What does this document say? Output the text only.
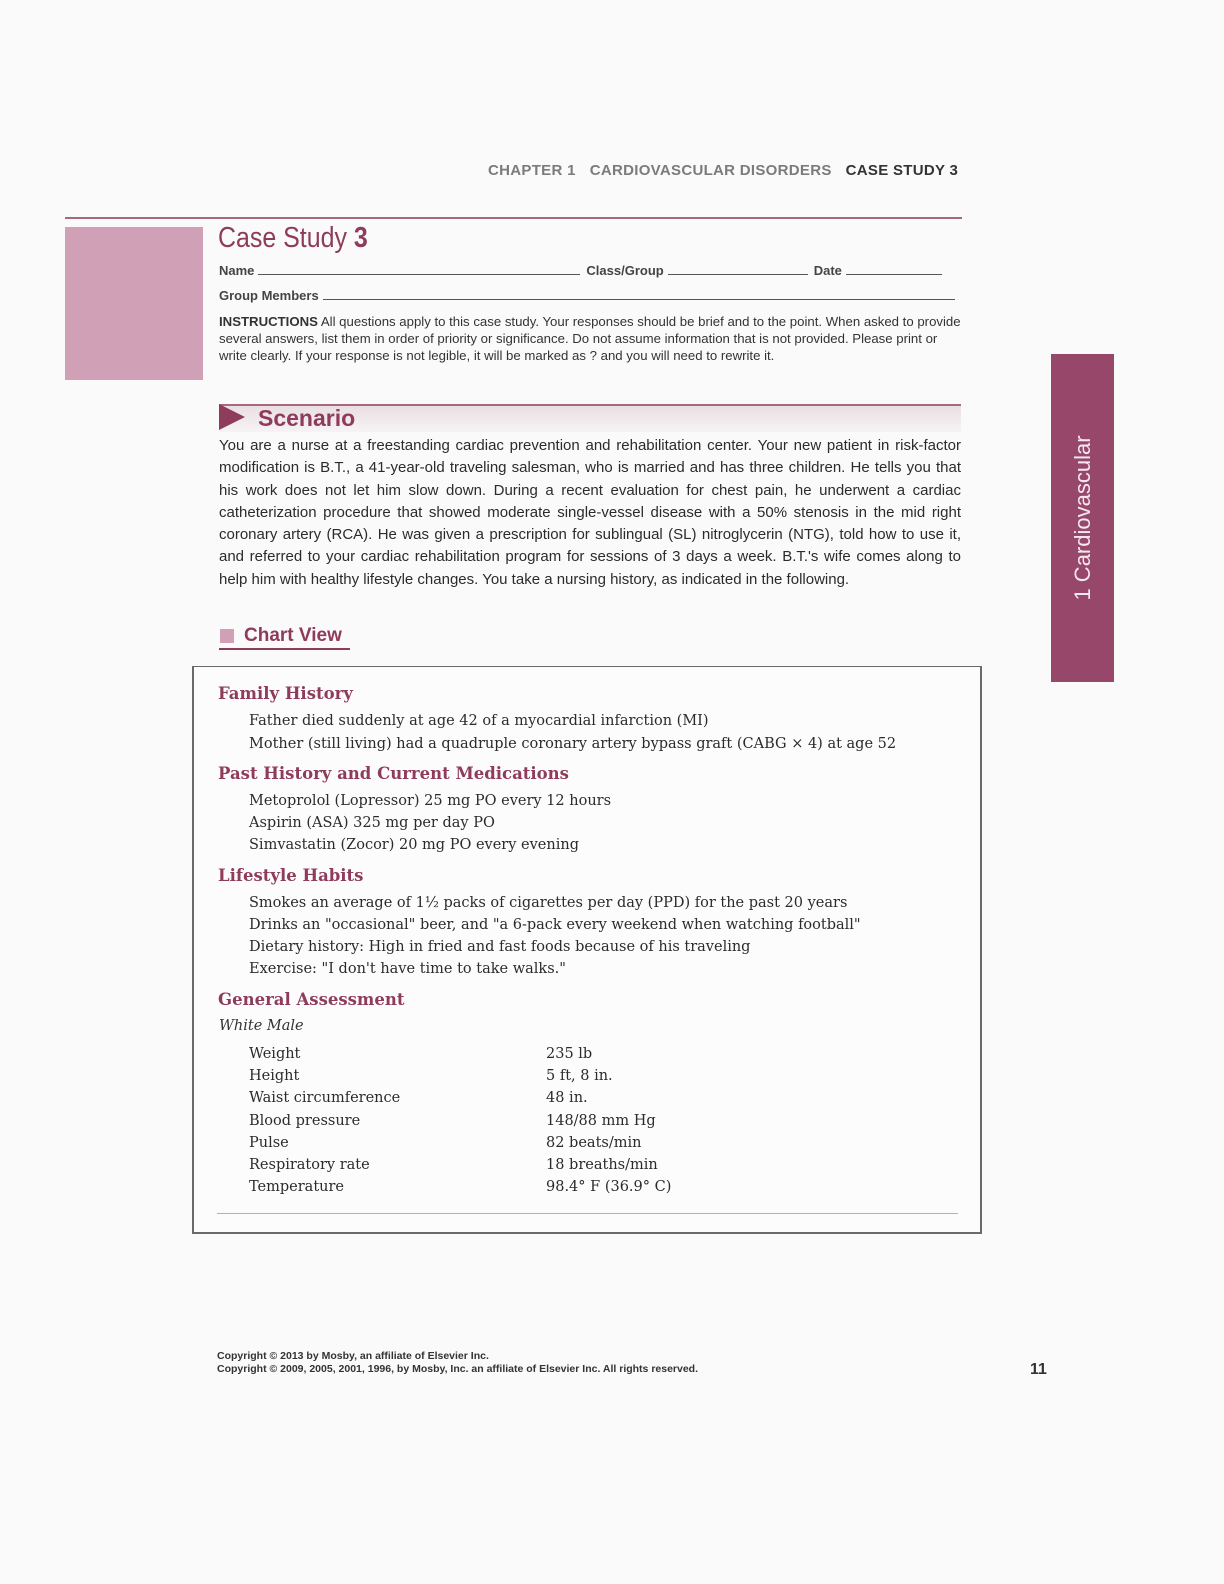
CHAPTER 1 CARDIOVASCULAR DISORDERS CASE STUDY 3
Case Study 3
Name	Class/Group	Date
Group Members
INSTRUCTIONS All questions apply to this case study. Your responses should be brief and to the point. When asked to provide several answers, list them in order of priority or significance. Do not assume information that is not provided. Please print or write clearly. If your response is not legible, it will be marked as ? and you will need to rewrite it.
Scenario
You are a nurse at a freestanding cardiac prevention and rehabilitation center. Your new patient in risk-factor modification is B.T., a 41-year-old traveling salesman, who is married and has three children. He tells you that his work does not let him slow down. During a recent evaluation for chest pain, he underwent a cardiac catheterization procedure that showed moderate single-vessel disease with a 50% stenosis in the mid right coronary artery (RCA). He was given a prescription for sublingual (SL) nitroglycerin (NTG), told how to use it, and referred to your cardiac rehabilitation program for sessions of 3 days a week. B.T.'s wife comes along to help him with healthy lifestyle changes. You take a nursing history, as indicated in the following.
Chart View
Family History
Father died suddenly at age 42 of a myocardial infarction (MI)
Mother (still living) had a quadruple coronary artery bypass graft (CABG × 4) at age 52
Past History and Current Medications
Metoprolol (Lopressor) 25 mg PO every 12 hours
Aspirin (ASA) 325 mg per day PO
Simvastatin (Zocor) 20 mg PO every evening
Lifestyle Habits
Smokes an average of 1½ packs of cigarettes per day (PPD) for the past 20 years
Drinks an "occasional" beer, and "a 6-pack every weekend when watching football"
Dietary history: High in fried and fast foods because of his traveling
Exercise: "I don't have time to take walks."
General Assessment
White Male
Weight	235 lb
Height	5 ft, 8 in.
Waist circumference	48 in.
Blood pressure	148/88 mm Hg
Pulse	82 beats/min
Respiratory rate	18 breaths/min
Temperature	98.4° F (36.9° C)
1 Cardiovascular
Copyright © 2013 by Mosby, an affiliate of Elsevier Inc.
Copyright © 2009, 2005, 2001, 1996, by Mosby, Inc. an affiliate of Elsevier Inc. All rights reserved.	11
